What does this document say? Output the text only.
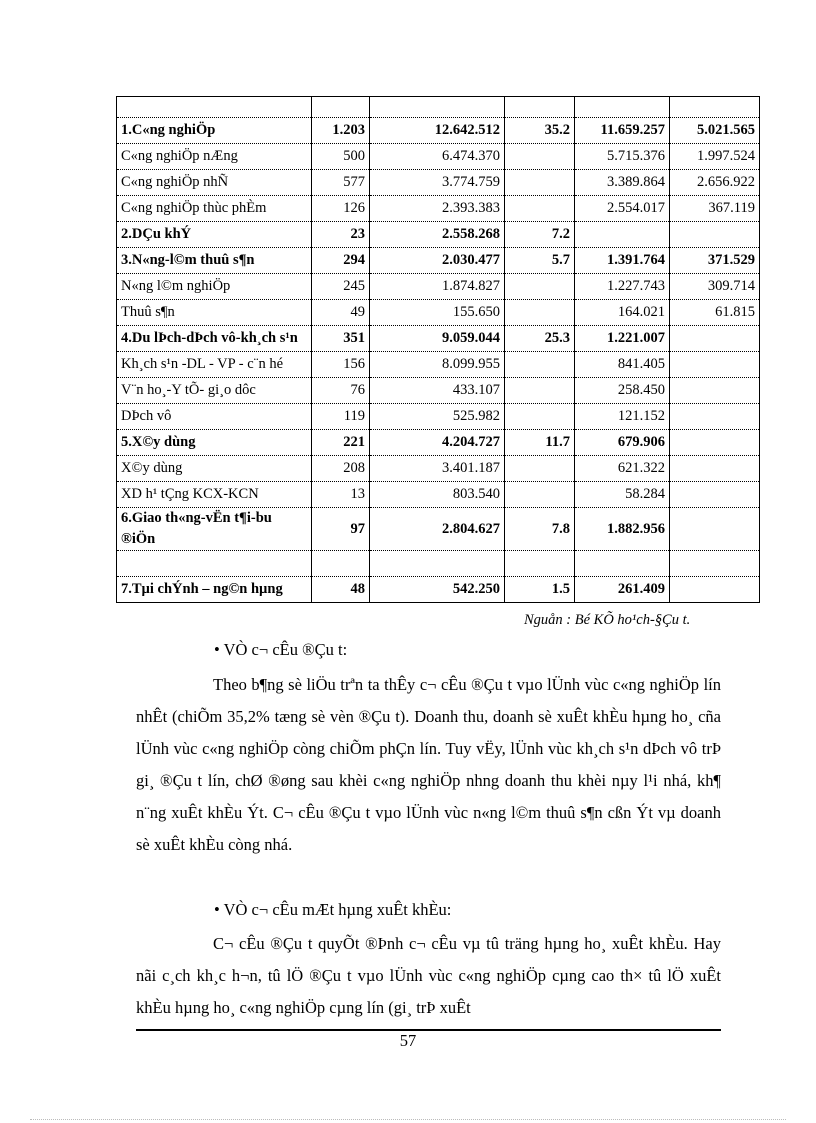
1.C«ng nghiÖp	1.203	12.642.512	35.2	11.659.257	5.021.565
C«ng nghiÖp nÆng	500	6.474.370		5.715.376	1.997.524
C«ng nghiÖp nhÑ	577	3.774.759		3.389.864	2.656.922
C«ng nghiÖp thùc phÈm	126	2.393.383		2.554.017	367.119
2.DÇu khÝ	23	2.558.268	7.2		
3.N«ng-l©m thuû s¶n	294	2.030.477	5.7	1.391.764	371.529
N«ng l©m nghiÖp	245	1.874.827		1.227.743	309.714
Thuû s¶n	49	155.650		164.021	61.815
4.Du lÞch-dÞch vô-kh¸ch s¹n	351	9.059.044	25.3	1.221.007	
Kh¸ch s¹n -DL - VP - c¨n hé	156	8.099.955		841.405	
V¨n ho¸-Y tÕ- gi¸o dôc	76	433.107		258.450	
DÞch vô	119	525.982		121.152	
5.X©y dùng	221	4.204.727	11.7	679.906	
X©y dùng	208	3.401.187		621.322	
XD h¹ tÇng KCX-KCN	13	803.540		58.284	
6.Giao th«ng-vËn t¶i-bu ®iÖn	97	2.804.627	7.8	1.882.956	

7.Tµi chÝnh – ng©n hµng	48	542.250	1.5	261.409	
Nguån : Bé KÕ ho¹ch-§Çu t.
• VÒ c¬ cÊu ®Çu t:
Theo b¶ng sè liÖu trªn ta thÊy c¬ cÊu ®Çu t vµo lÜnh vùc c«ng nghiÖp lín nhÊt (chiÕm 35,2% tæng sè vèn ®Çu t). Doanh thu, doanh sè xuÊt khÈu hµng ho¸ cña lÜnh vùc c«ng nghiÖp còng chiÕm phÇn lín. Tuy vËy, lÜnh vùc kh¸ch s¹n dÞch vô trÞ gi¸ ®Çu t lín, chØ ®øng sau khèi c«ng nghiÖp nhng doanh thu khèi nµy l¹i nhá, kh¶ n¨ng xuÊt khÈu Ýt. C¬ cÊu ®Çu t vµo lÜnh vùc n«ng l©m thuû s¶n cßn Ýt vµ doanh sè xuÊt khÈu còng nhá.
• VÒ c¬ cÊu mÆt hµng xuÊt khÈu:
C¬ cÊu ®Çu t quyÕt ®Þnh c¬ cÊu vµ tû träng hµng ho¸ xuÊt khÈu. Hay nãi c¸ch kh¸c h¬n, tû lÖ ®Çu t vµo lÜnh vùc c«ng nghiÖp cµng cao th× tû lÖ xuÊt khÈu hµng ho¸ c«ng nghiÖp cµng lín (gi¸ trÞ xuÊt
57
